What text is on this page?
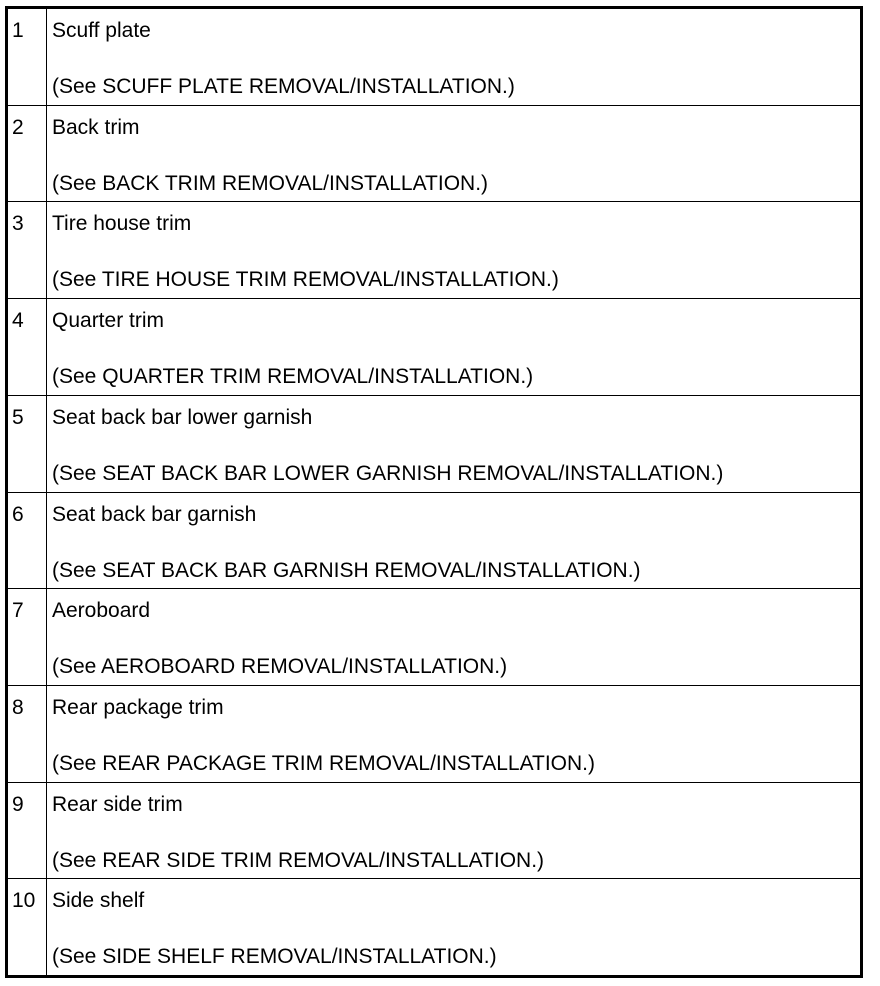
1	Scuff plate
(See SCUFF PLATE REMOVAL/INSTALLATION.)
2	Back trim
(See BACK TRIM REMOVAL/INSTALLATION.)
3	Tire house trim
(See TIRE HOUSE TRIM REMOVAL/INSTALLATION.)
4	Quarter trim
(See QUARTER TRIM REMOVAL/INSTALLATION.)
5	Seat back bar lower garnish
(See SEAT BACK BAR LOWER GARNISH REMOVAL/INSTALLATION.)
6	Seat back bar garnish
(See SEAT BACK BAR GARNISH REMOVAL/INSTALLATION.)
7	Aeroboard
(See AEROBOARD REMOVAL/INSTALLATION.)
8	Rear package trim
(See REAR PACKAGE TRIM REMOVAL/INSTALLATION.)
9	Rear side trim
(See REAR SIDE TRIM REMOVAL/INSTALLATION.)
10 Side shelf
(See SIDE SHELF REMOVAL/INSTALLATION.)
